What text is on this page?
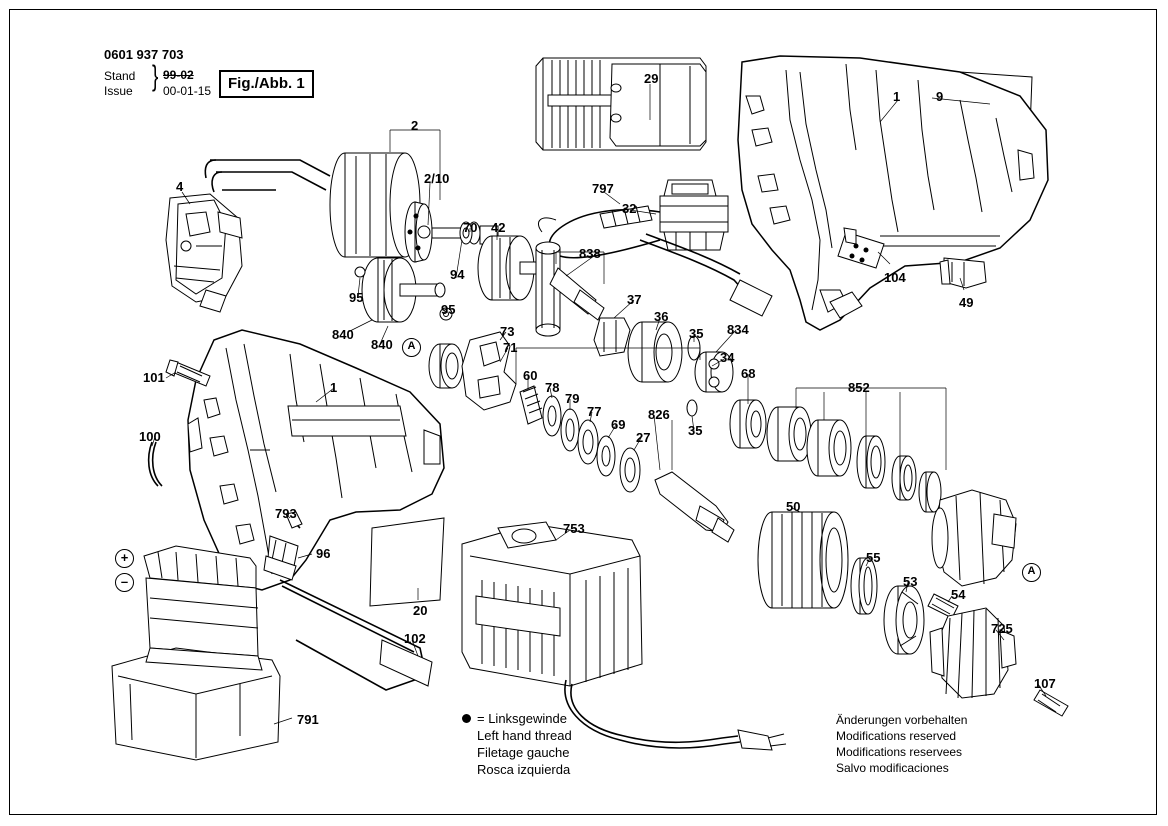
0601 937 703
Stand
Issue } 99-02
00-01-15	Fig./Abb. 1
2
2/10
29
9
1
4	797
32
70 42
838
94	104
95
95
37
36
49
840
840
73	35 834
34
71
68
60
78
79
852
77
69
826
35
27
101
1
100
50
793
753
96	55
53
54
20
725
102
107
791
A
A
+
–
= Linksgewinde
Left hand thread
Filetage gauche
Rosca izquierda
Änderungen vorbehalten
Modifications reserved
Modifications reservees
Salvo modificaciones
